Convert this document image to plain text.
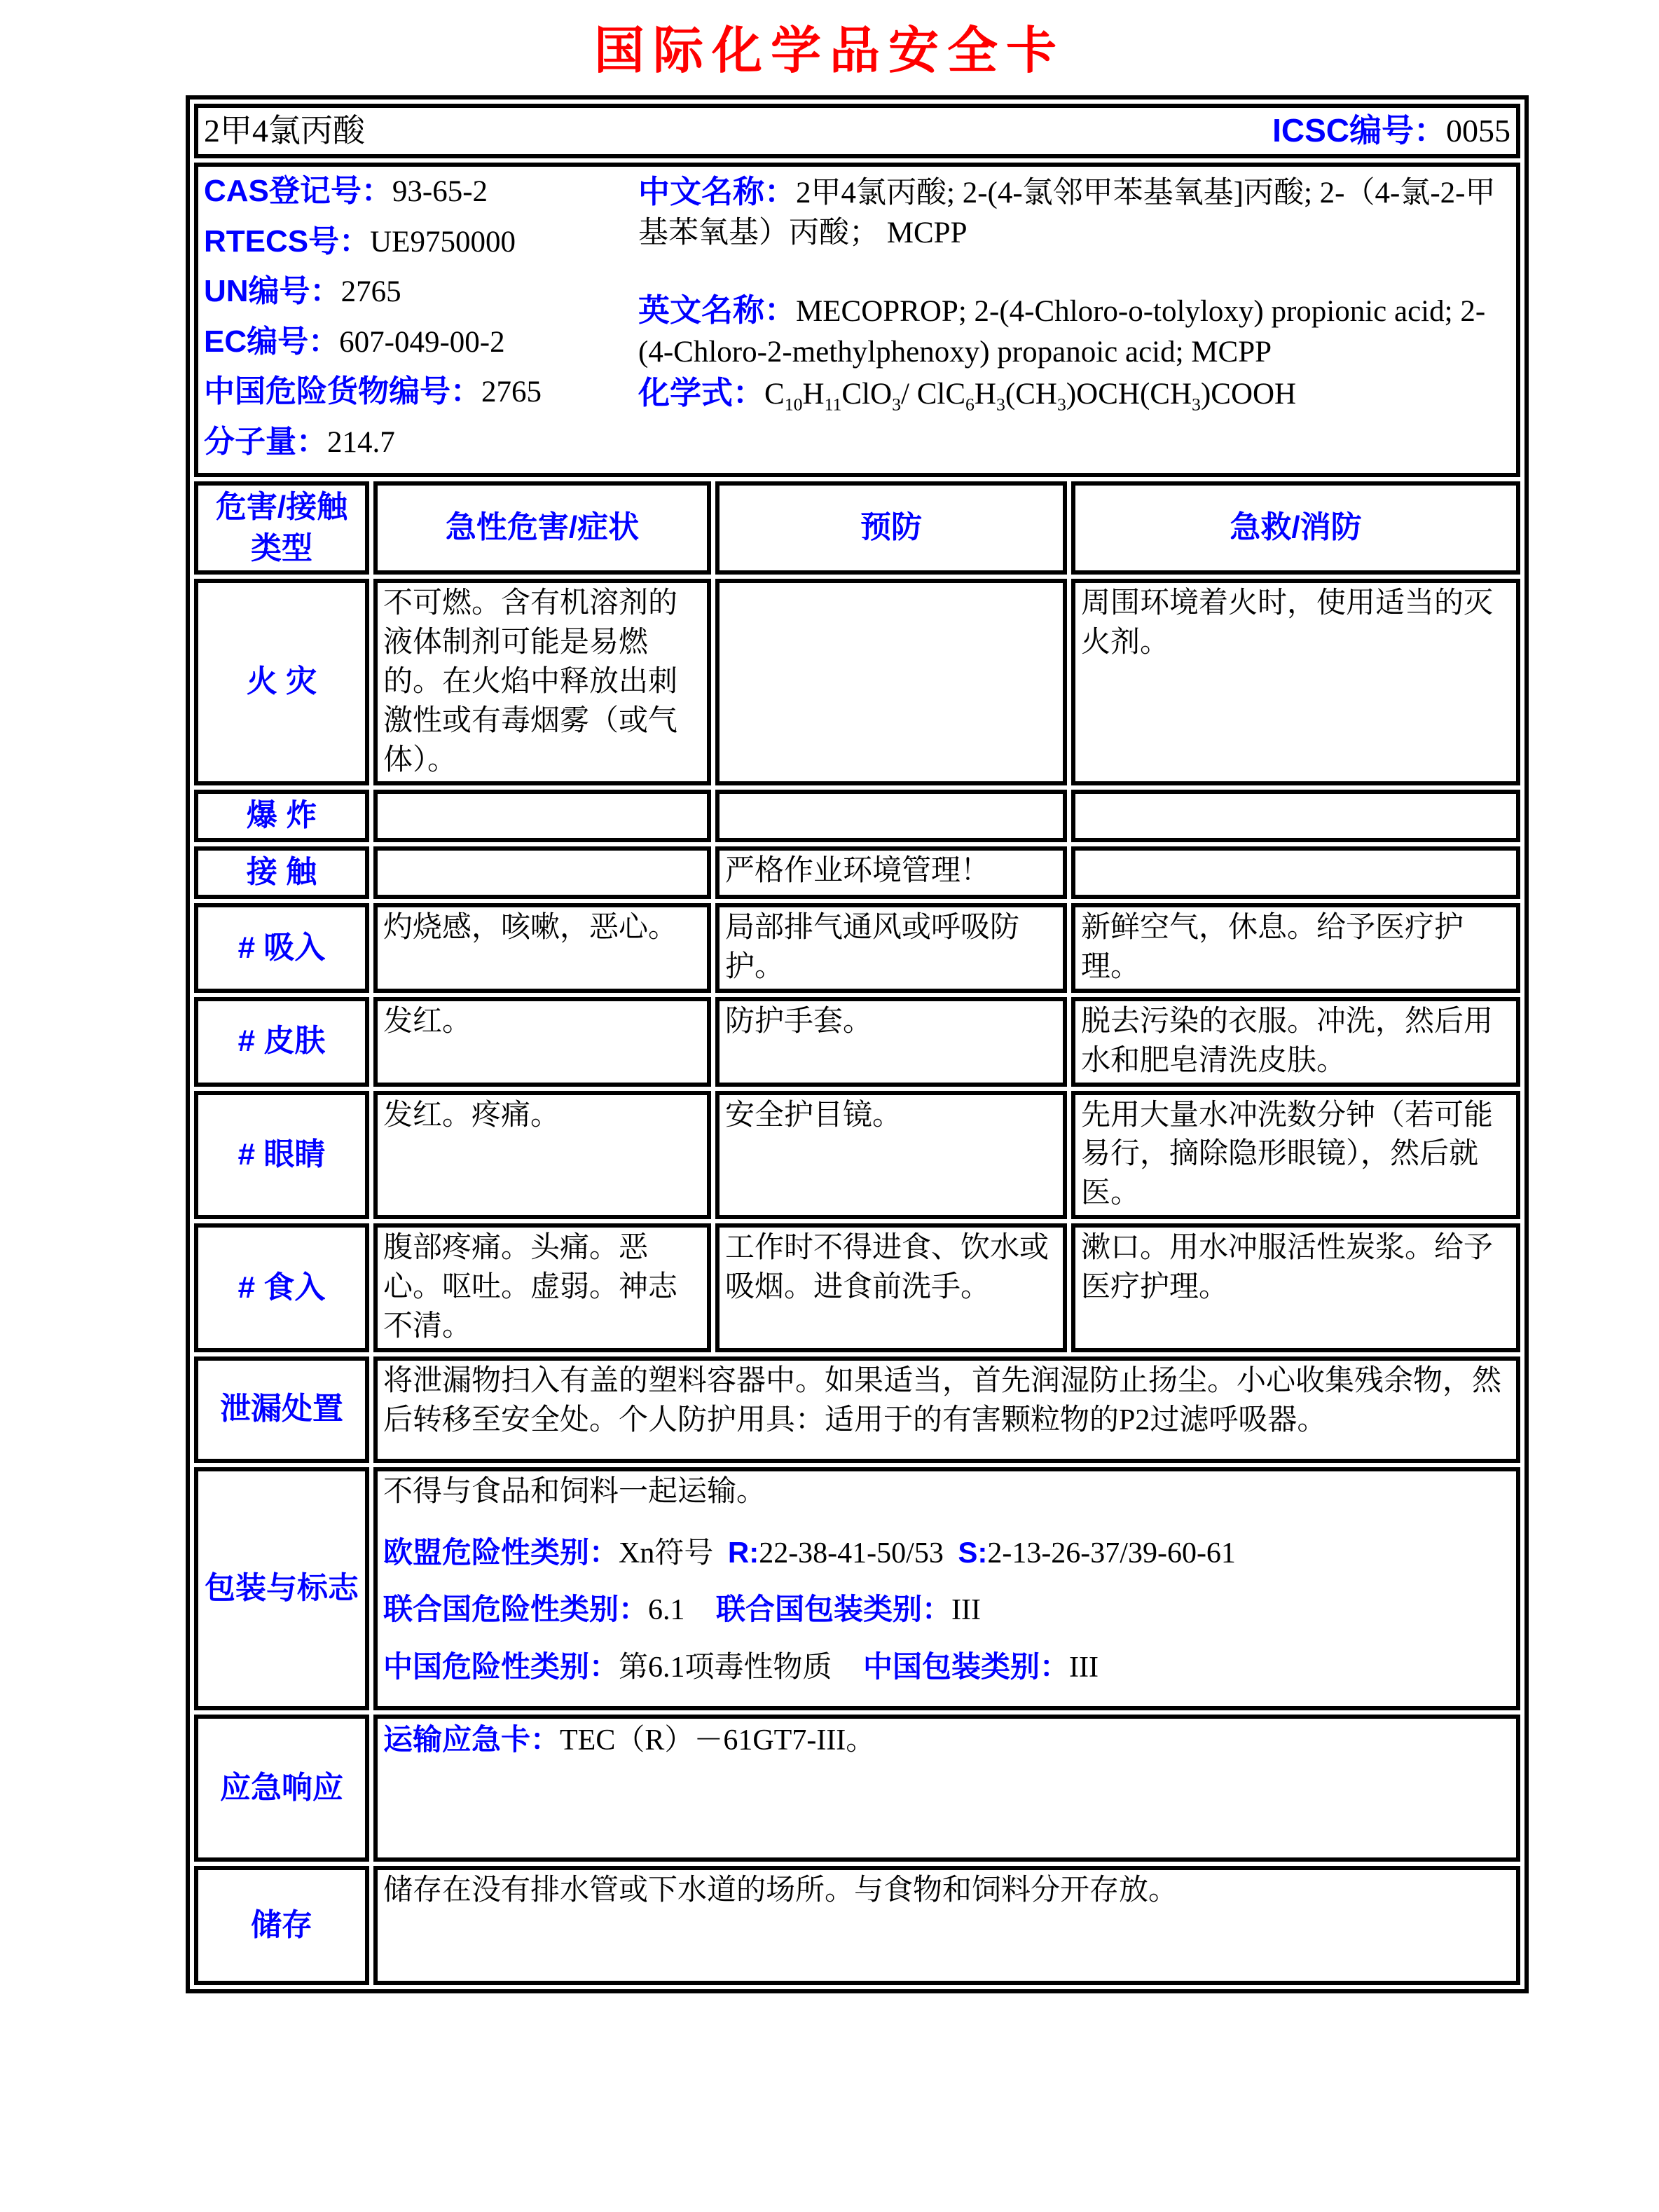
国际化学品安全卡
2甲4氯丙酸 ICSC编号：0055			

CAS登记号：93-65-2
RTECS号：UE9750000
UN编号：2765
EC编号：607-049-00-2
中国危险货物编号：2765
分子量：214.7
中文名称：2甲4氯丙酸; 2-(4-氯邻甲苯基氧基]丙酸; 2-（4-氯-2-甲基苯氧基）丙酸； MCPP
英文名称：MECOPROP; 2-(4-Chloro-o-tolyloxy) propionic acid; 2-(4-Chloro-2-methylphenoxy) propanoic acid; MCPP
化学式：$C_{10}H_{11}ClO_3/$ $ClC_6H_3(CH_3)OCH(CH_3)COOH$

危害/接触
类型	急性危害/症状	预防	急救/消防
火 灾	不可燃。含有机溶剂的液体制剂可能是易燃的。在火焰中释放出刺激性或有毒烟雾（或气体）。		周围环境着火时，使用适当的灭火剂。
爆 炸			
接 触		严格作业环境管理！	
# 吸入	灼烧感，咳嗽，恶心。	局部排气通风或呼吸防护。	新鲜空气，休息。给予医疗护理。
# 皮肤	发红。	防护手套。	脱去污染的衣服。冲洗，然后用水和肥皂清洗皮肤。
# 眼睛	发红。疼痛。	安全护目镜。	先用大量水冲洗数分钟（若可能易行，摘除隐形眼镜），然后就医。
# 食入	腹部疼痛。头痛。恶心。呕吐。虚弱。神志不清。	工作时不得进食、饮水或吸烟。进食前洗手。	漱口。用水冲服活性炭浆。给予医疗护理。
泄漏处置	将泄漏物扫入有盖的塑料容器中。如果适当，首先润湿防止扬尘。小心收集残余物，然后转移至安全处。个人防护用具：适用于的有害颗粒物的P2过滤呼吸器。		
包装与标志	不得与食品和饲料一起运输。
欧盟危险性类别：Xn符号 R:22-38-41-50/53 S:2-13-26-37/39-60-61
联合国危险性类别：6.1 联合国包装类别：III
中国危险性类别：第6.1项毒性物质 中国包装类别：III		

应急响应	运输应急卡：TEC（R）－61GT7-III。		
储存	储存在没有排水管或下水道的场所。与食物和饲料分开存放。		
